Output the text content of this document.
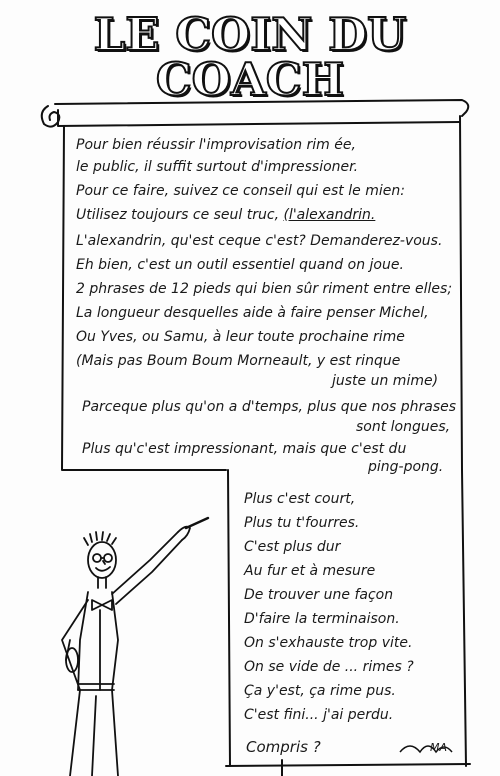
LE COIN DU COACH
Pour bien réussir l'improvisation rim ée,
le public, il suffit surtout d'impressioner.
Pour ce faire, suivez ce conseil qui est le mien:
Utilisez toujours ce seul truc, (l'alexandrin.
L'alexandrin, qu'est ceque c'est? Demanderez-vous.
Eh bien, c'est un outil essentiel quand on joue.
2 phrases de 12 pieds qui bien sûr riment entre elles;
La longueur desquelles aide à faire penser Michel,
Ou Yves, ou Samu, à leur toute prochaine rime
(Mais pas Boum Boum Morneault, y est rinque
juste un mime)
Parceque plus qu'on a d'temps, plus que nos phrases
sont longues,
Plus qu'c'est impressionant, mais que c'est du
ping-pong.
Plus c'est court,
Plus tu t'fourres.
C'est plus dur
Au fur et à mesure
De trouver une façon
D'faire la terminaison.
On s'exhauste trop vite.
On se vide de ... rimes ?
Ça y'est, ça rime pus.
C'est fini... j'ai perdu.
Compris ?	MA
